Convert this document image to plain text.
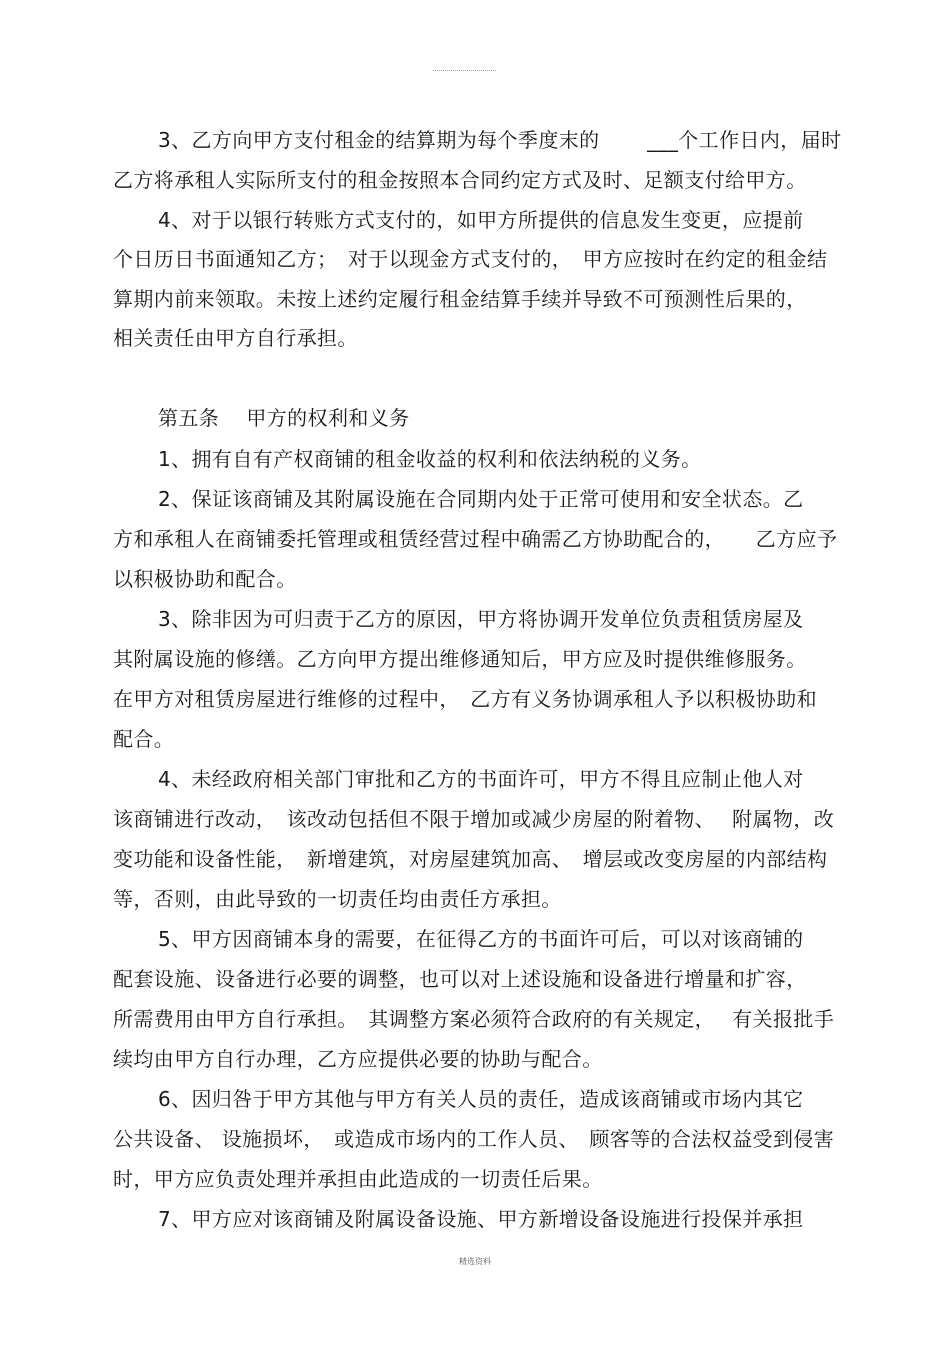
3、乙方向甲方支付租金的结算期为每个季度末的　　 ___个工作日内，届时
乙方将承租人实际所支付的租金按照本合同约定方式及时、足额支付给甲方。
4、对于以银行转账方式支付的，如甲方所提供的信息发生变更，应提前
个日历日书面通知乙方；　对于以现金方式支付的，　甲方应按时在约定的租金结
算期内前来领取。未按上述约定履行租金结算手续并导致不可预测性后果的，
相关责任由甲方自行承担。
第五条　 甲方的权利和义务
1、拥有自有产权商铺的租金收益的权利和依法纳税的义务。
2、保证该商铺及其附属设施在合同期内处于正常可使用和安全状态。乙
方和承租人在商铺委托管理或租赁经营过程中确需乙方协助配合的，　　乙方应予
以积极协助和配合。
3、除非因为可归责于乙方的原因，甲方将协调开发单位负责租赁房屋及
其附属设施的修缮。乙方向甲方提出维修通知后，甲方应及时提供维修服务。
在甲方对租赁房屋进行维修的过程中，　乙方有义务协调承租人予以积极协助和
配合。
4、未经政府相关部门审批和乙方的书面许可，甲方不得且应制止他人对
该商铺进行改动，　该改动包括但不限于增加或减少房屋的附着物、　 附属物，改
变功能和设备性能，　新增建筑，对房屋建筑加高、　增层或改变房屋的内部结构
等，否则，由此导致的一切责任均由责任方承担。
5、甲方因商铺本身的需要，在征得乙方的书面许可后，可以对该商铺的
配套设施、设备进行必要的调整，也可以对上述设施和设备进行增量和扩容，
所需费用由甲方自行承担。　其调整方案必须符合政府的有关规定，　 有关报批手
续均由甲方自行办理，乙方应提供必要的协助与配合。
6、因归咎于甲方其他与甲方有关人员的责任，造成该商铺或市场内其它
公共设备、 设施损坏，　或造成市场内的工作人员、　顾客等的合法权益受到侵害
时，甲方应负责处理并承担由此造成的一切责任后果。
7、甲方应对该商铺及附属设备设施、甲方新增设备设施进行投保并承担
精选资料
